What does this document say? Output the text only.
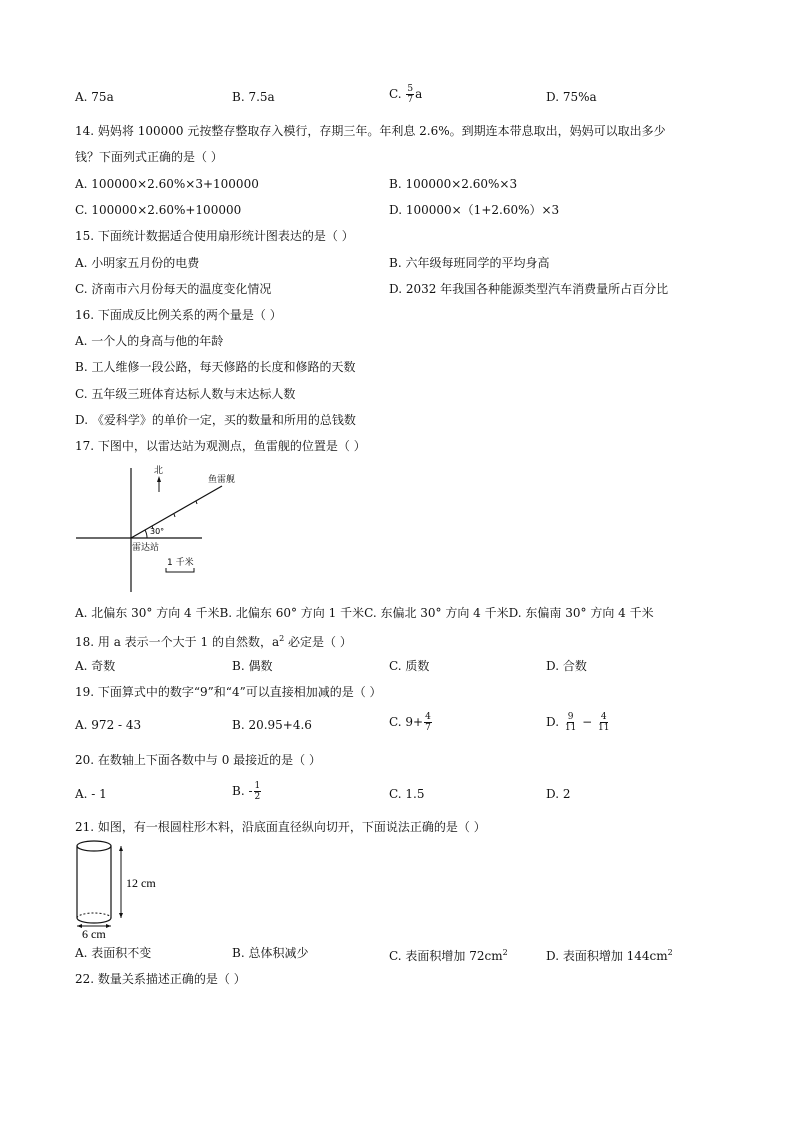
A. 75a	B. 7.5a	C. $\frac{5}{7}$ a	D. 75%a
14. 妈妈将 100000 元按整存整取存入模行，存期三年。年利息 2.6%。到期连本带息取出，妈妈可以取出多少
钱？下面列式正确的是（ ）
A. 100000×2.60%×3+100000	B. 100000×2.60%×3
C. 100000×2.60%+100000	D. 100000×（1+2.60%）×3
15. 下面统计数据适合使用扇形统计图表达的是（ ）
A. 小明家五月份的电费	B. 六年级每班同学的平均身高
C. 济南市六月份每天的温度变化情况	D. 2032 年我国各种能源类型汽车消费量所占百分比
16. 下面成反比例关系的两个量是（ ）
A. 一个人的身高与他的年龄
B. 工人维修一段公路，每天修路的长度和修路的天数
C. 五年级三班体育达标人数与末达标人数
D. 《爱科学》的单价一定，买的数量和所用的总钱数
17. 下图中，以雷达站为观测点，鱼雷舰的位置是（ ）
北
鱼雷舰
30°
雷达站
1 千米
A. 北偏东 30° 方向 4 千米B. 北偏东 60° 方向 1 千米C. 东偏北 30° 方向 4 千米D. 东偏南 30° 方向 4 千米
18. 用 a 表示一个大于 1 的自然数，$a^2$ 必定是（ ）
A. 奇数	B. 偶数	C. 质数	D. 合数
19. 下面算式中的数字“9”和“4”可以直接相加减的是（ ）
A. 972 - 43	B. 20.95+4.6	C. $9+ \frac{4}{7}$	D. $\frac{9}{11} - \frac{4}{11}$
20. 在数轴上下面各数中与 0 最接近的是（ ）
A. - 1	B. - $\frac{1}{2}$	C. 1.5	D. 2
21. 如图，有一根圆柱形木料，沿底面直径纵向切开，下面说法正确的是（ ）
12 cm
6 cm
A. 表面积不变	B. 总体积减少	C. 表面积增加 $72cm^2$	D. 表面积增加 $144cm^2$
22. 数量关系描述正确的是（ ）
